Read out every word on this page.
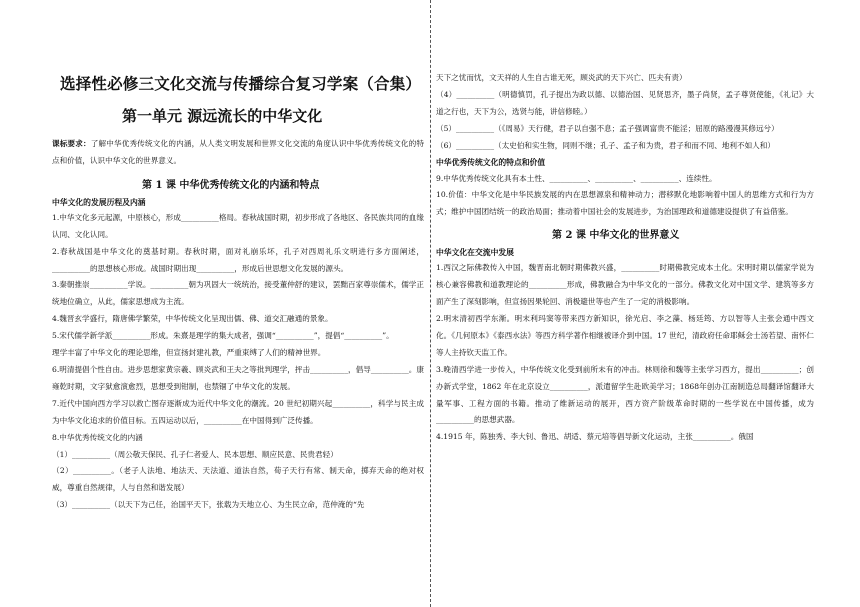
选择性必修三文化交流与传播综合复习学案（合集）
第一单元 源远流长的中华文化

课标要求：了解中华优秀传统文化的内涵，从人类文明发展和世界文化交流的角度认识中华优秀传统文化的特点和价值，认识中华文化的世界意义。

第 1 课 中华优秀传统文化的内涵和特点

中华文化的发展历程及内涵

1.中华文化多元起源，中原核心，形成__________格局。春秋战国时期，初步形成了各地区、各民族共同的血缘认同、文化认同。

2.春秋战国是中华文化的奠基时期。春秋时期，面对礼崩乐坏，孔子对西周礼乐文明进行多方面阐述，__________的思想核心形成。战国时期出现__________，形成后世思想文化发展的源头。

3.秦朝推崇__________学说。__________朝为巩固大一统统治，接受董仲舒的建议，罢黜百家尊崇儒术，儒学正统地位确立，从此，儒家思想成为主流。

4.魏晋玄学盛行，隋唐佛学繁荣，中华传统文化呈现出儒、佛、道交汇融通的景象。

5.宋代儒学新学派__________形成。朱熹是理学的集大成者，强调“__________”，提倡“__________”。

理学丰富了中华文化的理论思维，但宣扬封建礼教，严重束缚了人们的精神世界。

6.明清提倡个性自由。进步思想家黄宗羲、顾炎武和王夫之等批判理学，抨击__________，倡导__________。康雍乾时期，文字狱愈演愈烈，思想受到钳制，也禁锢了中华文化的发展。

7.近代中国向西方学习以救亡图存逐渐成为近代中华文化的潮流。20 世纪初期兴起__________，科学与民主成为中华文化追求的价值目标。五四运动以后，__________在中国得到广泛传播。

8.中华优秀传统文化的内涵

（1）__________（周公敬天保民、孔子仁者爱人、民本思想、顺应民意、民贵君轻）

（2）__________。（老子人法地、地法天、天法道、道法自然，荀子天行有常、制天命，掷弃天命的绝对权威，尊重自然规律，人与自然和谐发展）

（3）__________（以天下为己任，治国平天下，张载为天地立心、为生民立命，范仲淹的“先

天下之忧而忧，文天祥的人生自古谁无死，顾炎武的天下兴亡、匹夫有责）

（4）__________（明德慎罚，孔子提出为政以德、以德治国、见贤思齐，墨子尚贤，孟子尊贤使能，《礼记》大道之行也，天下为公，选贤与能，讲信修睦。）

（5）__________（《周易》天行健，君子以自强不息；孟子强调富贵不能淫；屈原的路漫漫其修远兮）

（6）__________（太史伯和实生物，同则不继；孔子、孟子和为贵，君子和而不同、地利不如人和）

中华优秀传统文化的特点和价值

9.中华优秀传统文化具有本土性、__________、__________、__________、连续性。

10.价值：中华文化是中华民族发展的内在思想源泉和精神动力；潜移默化地影响着中国人的思维方式和行为方式；维护中国团结统一的政治局面；推动着中国社会的发展进步，为治国理政和道德建设提供了有益借鉴。

第 2 课 中华文化的世界意义

中华文化在交流中发展

1.西汉之际佛教传入中国，魏晋南北朝时期佛教兴盛，__________时期佛教完成本土化。宋明时期以儒家学说为核心兼容佛教和道教理论的__________形成，佛教融合为中华文化的一部分。佛教文化对中国文学、建筑等多方面产生了深刻影响，但宣扬因果轮回、消极避世等也产生了一定的消极影响。

2.明末清初西学东渐。明末利玛窦等带来西方新知识，徐光启、李之藻、杨廷筠、方以智等人主张会通中西文化。《几何原本》《泰西水法》等西方科学著作相继被译介到中国。17 世纪，清政府任命耶稣会士汤若望、南怀仁等人主持钦天监工作。

3.晚清西学进一步传入，中华传统文化受到前所未有的冲击。林则徐和魏等主张学习西方，提出__________；创办新式学堂，1862 年在北京设立__________，派遣留学生赴欧美学习；1868年创办江南制造总局翻译馆翻译大量军事、工程方面的书籍。推动了维新运动的展开，西方资产阶级革命时期的一些学说在中国传播，成为__________的思想武器。

4.1915 年，陈独秀、李大钊、鲁迅、胡适、蔡元培等倡导新文化运动，主张__________。俄国
